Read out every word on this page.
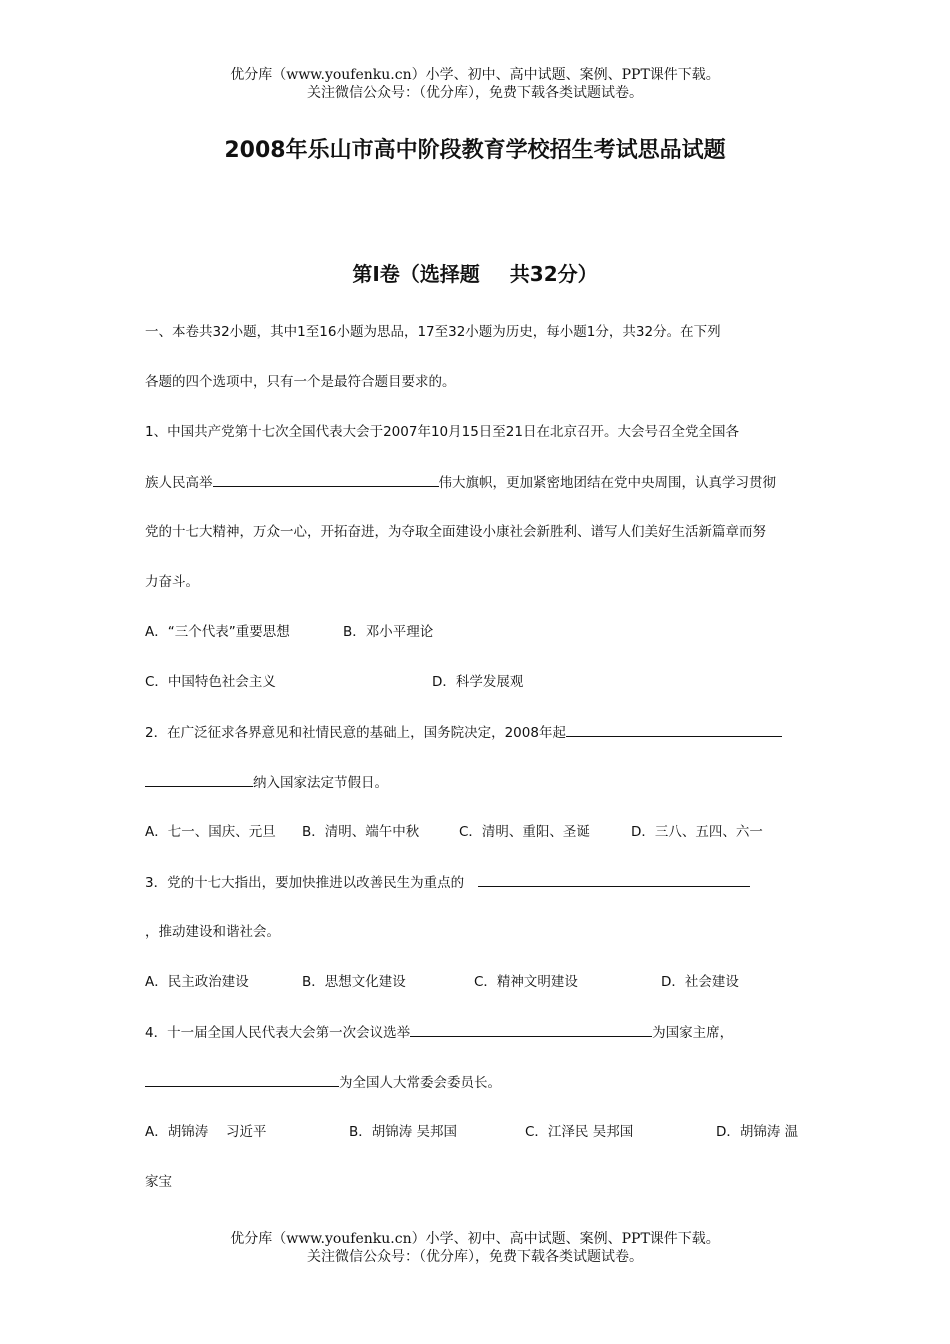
优分库（www.youfenku.cn）小学、初中、高中试题、案例、PPT课件下载。
关注微信公众号：（优分库），免费下载各类试题试卷。
2008年乐山市高中阶段教育学校招生考试思品试题
第Ⅰ卷（选择题 共32分）
一、本卷共32小题，其中1至16小题为思品，17至32小题为历史，每小题1分，共32分。在下列
各题的四个选项中，只有一个是最符合题目要求的。
1、中国共产党第十七次全国代表大会于2007年10月15日至21日在北京召开。大会号召全党全国各
族人民高举	伟大旗帜，更加紧密地团结在党中央周围，认真学习贯彻
党的十七大精神，万众一心，开拓奋进，为夺取全面建设小康社会新胜利、谱写人们美好生活新篇章而努
力奋斗。
A．“三个代表”重要思想	B．邓小平理论
C．中国特色社会主义	D．科学发展观
2．在广泛征求各界意见和社情民意的基础上，国务院决定，2008年起
纳入国家法定节假日。
A．七一、国庆、元旦 B．清明、端午中秋	C．清明、重阳、圣诞	D．三八、五四、六一
3．党的十七大指出，要加快推进以改善民生为重点的
，推动建设和谐社会。
A．民主政治建设	B．思想文化建设	C．精神文明建设	D．社会建设
4．十一届全国人民代表大会第一次会议选举	为国家主席，
为全国人大常委会委员长。
A．胡锦涛　 习近平	B．胡锦涛 吴邦国	C．江泽民 吴邦国	D．胡锦涛 温
家宝
优分库（www.youfenku.cn）小学、初中、高中试题、案例、PPT课件下载。
关注微信公众号：（优分库），免费下载各类试题试卷。
